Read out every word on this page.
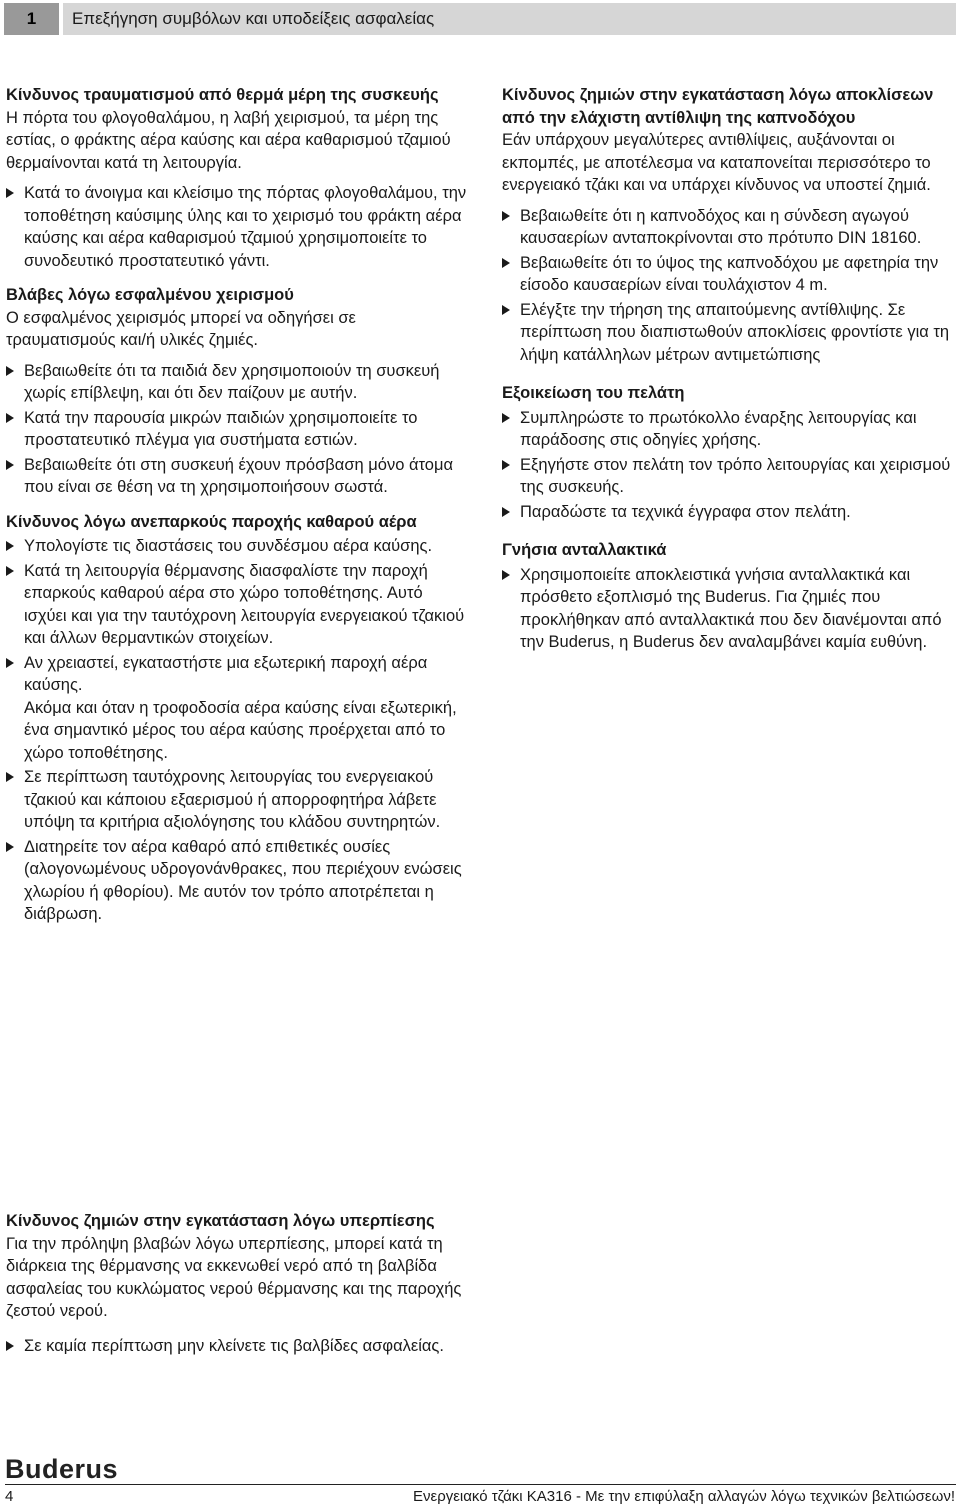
1	Επεξήγηση συμβόλων και υποδείξεις ασφαλείας

Κίνδυνος τραυματισμού από θερμά μέρη της συσκευής

Η πόρτα του φλογοθαλάμου, η λαβή χειρισμού, τα μέρη της εστίας, ο φράκτης αέρα καύσης και αέρα καθαρισμού τζαμιού θερμαίνονται κατά τη λειτουργία.

Κατά το άνοιγμα και κλείσιμο της πόρτας φλογοθαλάμου, την τοποθέτηση καύσιμης ύλης και το χειρισμό του φράκτη αέρα καύσης και αέρα καθαρισμού τζαμιού χρησιμοποιείτε το συνοδευτικό προστατευτικό γάντι.

Βλάβες λόγω εσφαλμένου χειρισμού

Ο εσφαλμένος χειρισμός μπορεί να οδηγήσει σε τραυματισμούς και/ή υλικές ζημιές.

Βεβαιωθείτε ότι τα παιδιά δεν χρησιμοποιούν τη συσκευή χωρίς επίβλεψη, και ότι δεν παίζουν με αυτήν.
Κατά την παρουσία μικρών παιδιών χρησιμοποιείτε το προστατευτικό πλέγμα για συστήματα εστιών.
Βεβαιωθείτε ότι στη συσκευή έχουν πρόσβαση μόνο άτομα που είναι σε θέση να τη χρησιμοποιήσουν σωστά.

Κίνδυνος λόγω ανεπαρκούς παροχής καθαρού αέρα

Υπολογίστε τις διαστάσεις του συνδέσμου αέρα καύσης.
Κατά τη λειτουργία θέρμανσης διασφαλίστε την παροχή επαρκούς καθαρού αέρα στο χώρο τοποθέτησης. Αυτό ισχύει και για την ταυτόχρονη λειτουργία ενεργειακού τζακιού και άλλων θερμαντικών στοιχείων.
Αν χρειαστεί, εγκαταστήστε μια εξωτερική παροχή αέρα καύσης.
Ακόμα και όταν η τροφοδοσία αέρα καύσης είναι εξωτερική, ένα σημαντικό μέρος του αέρα καύσης προέρχεται από το χώρο τοποθέτησης.
Σε περίπτωση ταυτόχρονης λειτουργίας του ενεργειακού τζακιού και κάποιου εξαερισμού ή απορροφητήρα λάβετε υπόψη τα κριτήρια αξιολόγησης του κλάδου συντηρητών.
Διατηρείτε τον αέρα καθαρό από επιθετικές ουσίες (αλογονωμένους υδρογονάνθρακες, που περιέχουν ενώσεις χλωρίου ή φθορίου). Με αυτόν τον τρόπο αποτρέπεται η διάβρωση.

Κίνδυνος ζημιών στην εγκατάσταση λόγω υπερπίεσης

Για την πρόληψη βλαβών λόγω υπερπίεσης, μπορεί κατά τη διάρκεια της θέρμανσης να εκκενωθεί νερό από τη βαλβίδα ασφαλείας του κυκλώματος νερού θέρμανσης και της παροχής ζεστού νερού.

Σε καμία περίπτωση μην κλείνετε τις βαλβίδες ασφαλείας.

Κίνδυνος ζημιών στην εγκατάσταση λόγω αποκλίσεων από την ελάχιστη αντίθλιψη της καπνοδόχου

Εάν υπάρχουν μεγαλύτερες αντιθλίψεις, αυξάνονται οι εκπομπές, με αποτέλεσμα να καταπονείται περισσότερο το ενεργειακό τζάκι και να υπάρχει κίνδυνος να υποστεί ζημιά.

Βεβαιωθείτε ότι η καπνοδόχος και η σύνδεση αγωγού καυσαερίων ανταποκρίνονται στο πρότυπο DIN 18160.
Βεβαιωθείτε ότι το ύψος της καπνοδόχου με αφετηρία την είσοδο καυσαερίων είναι τουλάχιστον 4 m.
Ελέγξτε την τήρηση της απαιτούμενης αντίθλιψης. Σε περίπτωση που διαπιστωθούν αποκλίσεις φροντίστε για τη λήψη κατάλληλων μέτρων αντιμετώπισης

Εξοικείωση του πελάτη

Συμπληρώστε το πρωτόκολλο έναρξης λειτουργίας και παράδοσης στις οδηγίες χρήσης.
Εξηγήστε στον πελάτη τον τρόπο λειτουργίας και χειρισμού της συσκευής.
Παραδώστε τα τεχνικά έγγραφα στον πελάτη.

Γνήσια ανταλλακτικά

Χρησιμοποιείτε αποκλειστικά γνήσια ανταλλακτικά και πρόσθετο εξοπλισμό της Buderus. Για ζημιές που προκλήθηκαν από ανταλλακτικά που δεν διανέμονται από την Buderus, η Buderus δεν αναλαμβάνει καμία ευθύνη.
Buderus
4	Ενεργειακό τζάκι KA316 - Με την επιφύλαξη αλλαγών λόγω τεχνικών βελτιώσεων!
